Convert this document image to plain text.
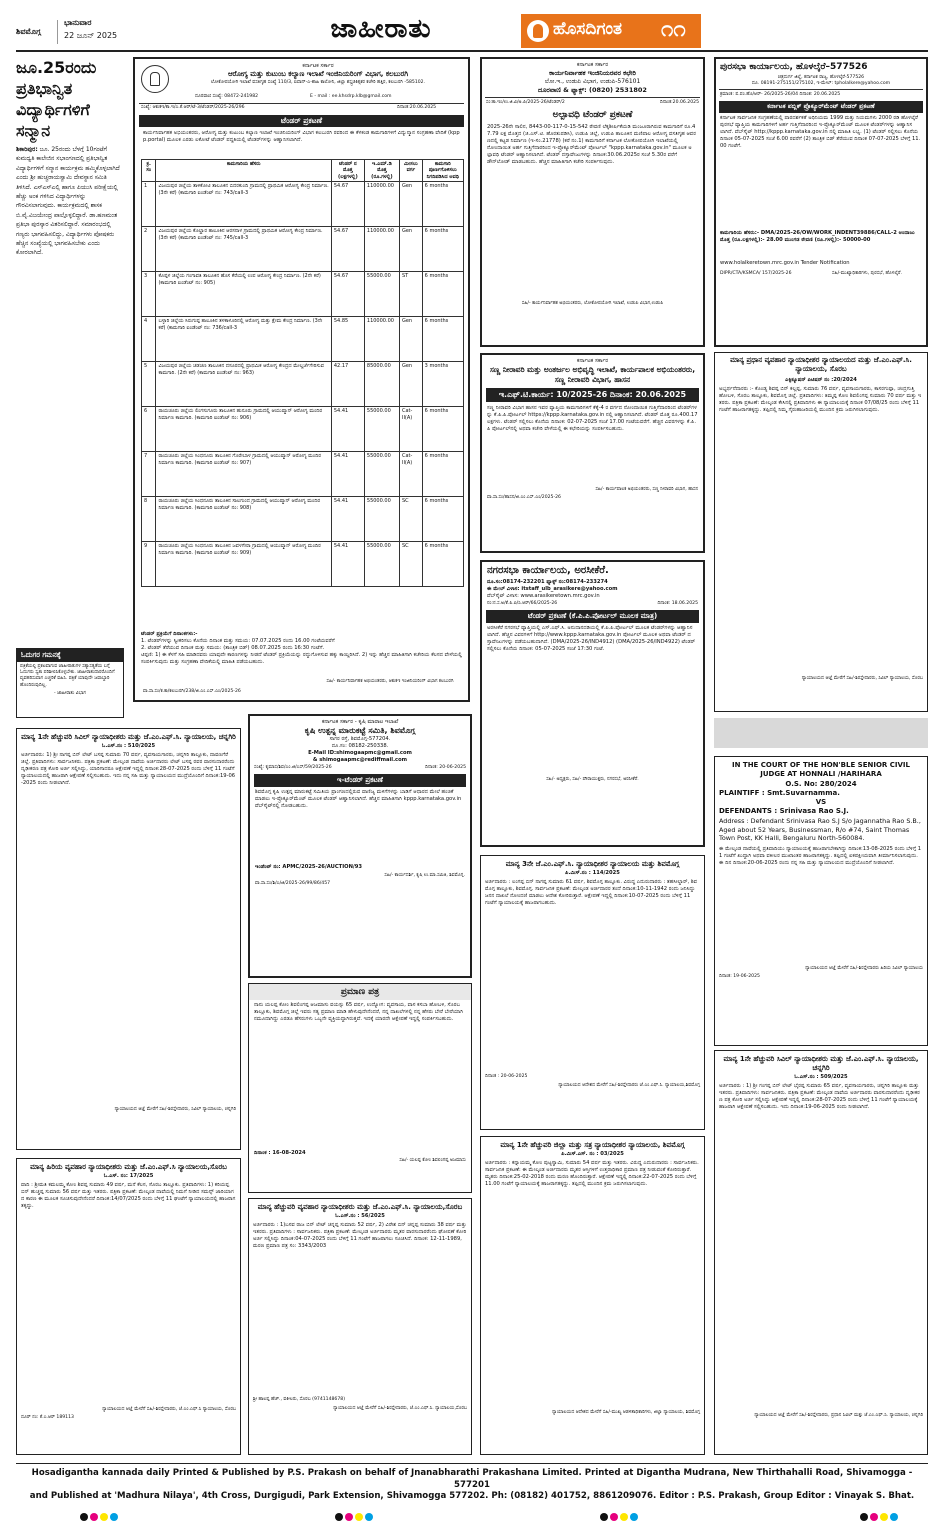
ಶಿವಮೊಗ್ಗ
ಭಾನುವಾರ
22 ಜೂನ್ 2025	ಜಾಹೀರಾತು	ಹೊಸದಿಗಂತ ೧೧
ಜೂ.25ರಂದು ಪ್ರತಿಭಾನ್ವಿತ ವಿದ್ಯಾರ್ಥಿಗಳಿಗೆ ಸನ್ಮಾನ
ಶಿಕಾರಿಪುರ: ಜೂ. 25ರಂದು ಬೆಳಗ್ಗೆ 10ಗಂಟೆಗೆ ಕುಮದ್ವತಿ ಕಾಲೇಜಿನ ಸಭಾಂಗಣದಲ್ಲಿ ಪ್ರತಿಭಾನ್ವಿತ ವಿದ್ಯಾರ್ಥಿಗಳಿಗೆ ಸನ್ಮಾನ ಕಾರ್ಯಕ್ರಮ ಹಮ್ಮಿಕೊಳ್ಳಲಾಗಿದೆ ಎಂದು ಶ್ರೀ ಹುಚ್ಚರಾಯಸ್ವಾಮಿ ದೇವಸ್ಥಾನ ಸಮಿತಿ ತಿಳಿಸಿದೆ. ಎಸ್ಎಸ್ಎಲ್ಸಿ ಹಾಗೂ ಪಿಯುಸಿ ಪರೀಕ್ಷೆಯಲ್ಲಿ ಹೆಚ್ಚು ಅಂಕ ಗಳಿಸಿದ ವಿದ್ಯಾರ್ಥಿಗಳನ್ನು ಗೌರವಿಸಲಾಗುವುದು. ಕಾರ್ಯಕ್ರಮದಲ್ಲಿ ಶಾಸಕ ಬಿ.ವೈ.ವಿಜಯೇಂದ್ರ ಪಾಲ್ಗೊಳ್ಳಲಿದ್ದಾರೆ. ಡಾ.ಹಣಮಂತ ಪ್ರತಿಭಾ ಪುರಸ್ಕಾರ ವಿತರಿಸಲಿದ್ದಾರೆ. ಸಮಾರಂಭದಲ್ಲಿ ಗಣ್ಯರು ಭಾಗವಹಿಸಲಿದ್ದು, ವಿದ್ಯಾರ್ಥಿಗಳು ಪೋಷಕರು ಹೆಚ್ಚಿನ ಸಂಖ್ಯೆಯಲ್ಲಿ ಭಾಗವಹಿಸಬೇಕು ಎಂದು ಕೋರಲಾಗಿದೆ.
ಓದುಗರ ಗಮನಕ್ಕೆ
ಪತ್ರಿಕೆಯಲ್ಲಿ ಪ್ರಕಟವಾಗುವ ಜಾಹೀರಾತುಗಳ ಸತ್ಯಾಸತ್ಯತೆಯ ಬಗ್ಗೆ ಓದುಗರು ಸ್ವತಃ ಪರಿಶೀಲಿಸಿಕೊಳ್ಳಬೇಕು. ಜಾಹೀರಾತುದಾರರೊಂದಿಗೆ ವ್ಯವಹರಿಸುವಾಗ ಎಚ್ಚರಿಕೆ ವಹಿಸಿ. ಪತ್ರಿಕೆ ಯಾವುದೇ ಜವಾಬ್ದಾರಿ ಹೊಂದಿರುವುದಿಲ್ಲ.
- ಜಾಹೀರಾತು ವಿಭಾಗ
ಕರ್ನಾಟಕ ಸರ್ಕಾರ
ಆರೋಗ್ಯ ಮತ್ತು ಕುಟುಂಬ ಕಲ್ಯಾಣ ಇಲಾಖೆ ಇಂಜಿನಿಯರಿಂಗ್ ವಿಭಾಗ, ಕಲಬುರಗಿ
ಲೋಕೋಪಯೋಗಿ ಇಲಾಖೆ ವಸತಿಗೃಹ ಸಂಖ್ಯೆ 110/3, ಐವಾನ್-ಎ-ಶಾಹಿ ಕಾಲೋನಿ, ಜಿಲ್ಲಾ ಶಸ್ತ್ರಚಿಕಿತ್ಸಕರ ಕಚೇರಿ ಹತ್ತಿರ, ಕಲಬುರಗಿ -585102.
ದೂರವಾಣಿ ಸಂಖ್ಯೆ: 08472-241982	E - mail : ee.khsdrp.klb@gmail.com
ಸಂಖ್ಯೆ: ಆಕುಕಇ/ಕಾ.ಇ/ಎ.ಕೆ.ಆರ್/ಟೆ-3/ಟೆಂಡರ್/2025-26/296	ದಿನಾಂಕ:20.06.2025
ಟೆಂಡರ್ ಪ್ರಕಟಣೆ
ಕಾರ್ಯನಿರ್ವಾಹಕ ಅಭಿಯಂತರರು, ಆರೋಗ್ಯ ಮತ್ತು ಕುಟುಂಬ ಕಲ್ಯಾಣ ಇಲಾಖೆ ಇಂಜಿನಿಯರಿಂಗ್ ವಿಭಾಗ ಕಲಬುರಗಿ ರವರಿಂದ ಈ ಕೆಳಕಂಡ ಕಾಮಗಾರಿಗಳಿಗೆ ವಿದ್ಯುನ್ಮಾನ ಸಂಗ್ರಹಣಾ ವೇದಿಕೆ (kppp.portal) ಮೂಲಕ ಎರಡು ಲಕೋಟೆ ಟೆಂಡರ್ ಪದ್ಧತಿಯಲ್ಲಿ ಟೆಂಡರ್‌ಗಳನ್ನು ಆಹ್ವಾನಿಸಲಾಗಿದೆ.
ಕ್ರ. ಸಂ	ಕಾಮಗಾರಿಯ ಹೆಸರು	ಟೆಂಡರ್ ನ ಮೊತ್ತ (ಲಕ್ಷಗಳಲ್ಲಿ)	ಇ.ಎಮ್.ಡಿ ಮೊತ್ತ (ರೂ.ಗಳಲ್ಲಿ)	ಮೀಸಲು ವರ್ಗ	ಕಾಮಗಾರಿ ಪೂರ್ಣಗೊಳಿಸಲು ನಿಗದಿಪಡಿಸಿದ ಅವಧಿ
1	ವಿಜಯಪುರ ಜಿಲ್ಲೆಯ ತಾಳಿಕೋಟಿ ತಾಲೂಕಿನ ಬಿದರಕುಂದಿ ಗ್ರಾಮದಲ್ಲಿ ಪ್ರಾಥಮಿಕ ಆರೋಗ್ಯ ಕೇಂದ್ರ ನಿರ್ಮಾಣ. (3ನೇ ಕರೆ) (ಕಾಮಗಾರಿ ಐಂಡೆಂಟ್ ನಂ: 743/call-3	54.67	110000.00	Gen	6 months
2	ವಿಜಯಪುರ ಜಿಲ್ಲೆಯ ಕೊಲ್ಹಾರ ತಾಲೂಕಿನ ಆರಸನಾಳ ಗ್ರಾಮದಲ್ಲಿ ಪ್ರಾಥಮಿಕ ಆರೋಗ್ಯ ಕೇಂದ್ರ ನಿರ್ಮಾಣ. (3ನೇ ಕರೆ) (ಕಾಮಗಾರಿ ಐಂಡೆಂಟ್ ನಂ: 745/call-3	54.67	110000.00	Gen	6 months
3	ಕೊಪ್ಪಳ ಜಿಲ್ಲೆಯ ಗಂಗಾವತಿ ತಾಲೂಕಿನ ಹೊಸ ಕೆರೆಯಲ್ಲಿ ಉಪ ಆರೋಗ್ಯ ಕೇಂದ್ರ ನಿರ್ಮಾಣ. (2ನೇ ಕರೆ) (ಕಾಮಗಾರಿ ಐಂಡೆಂಟ್ ನಂ: 905)	54.67	55000.00	ST	6 months
4	ಬಳ್ಳಾರಿ ಜಿಲ್ಲೆಯ ಸಿರುಗುಪ್ಪ ತಾಲೂಕಿನ ತಳಕಾಳೂರಿನಲ್ಲಿ ಆರೋಗ್ಯ ಮತ್ತು ಕ್ಷೇಮ ಕೇಂದ್ರ ನಿರ್ಮಾಣ. (3ನೇ ಕರೆ) (ಕಾಮಗಾರಿ ಐಂಡೆಂಟ್ ನಂ: 736/call-3	54.85	110000.00	Gen	6 months
5	ವಿಜಯಪುರ ಜಿಲ್ಲೆಯ ಚಡಚಣ ತಾಲೂಕಿನ ದಸೂರದಲ್ಲಿ ಪ್ರಾಥಮಿಕ ಆರೋಗ್ಯ ಕೇಂದ್ರದ ಮೇಲ್ದರ್ಜೆಗೇರಿಸುವ ಕಾಮಗಾರಿ. (2ನೇ ಕರೆ) (ಕಾಮಗಾರಿ ಐಂಡೆಂಟ್ ನಂ: 963)	42.17	85000.00	Gen	3 months
6	ರಾಯಚೂರು ಜಿಲ್ಲೆಯ ಲಿಂಗಸುಗೂರು ತಾಲೂಕಿನ ಹುನೂರು ಗ್ರಾಮದಲ್ಲಿ ಆಯುಷ್ಮಾನ್ ಆರೋಗ್ಯ ಮಂದಿರ ನಿರ್ಮಾಣ ಕಾಮಗಾರಿ. (ಕಾಮಗಾರಿ ಐಂಡೆಂಟ್ ನಂ: 906)	54.41	55000.00	Cat-II(A)	6 months
7	ರಾಯಚೂರು ಜಿಲ್ಲೆಯ ಸಿಂಧನೂರು ತಾಲೂಕಿನ ಗೊರೇಬಾಳ ಗ್ರಾಮದಲ್ಲಿ ಆಯುಷ್ಮಾನ್ ಆರೋಗ್ಯ ಮಂದಿರ ನಿರ್ಮಾಣ ಕಾಮಗಾರಿ. (ಕಾಮಗಾರಿ ಐಂಡೆಂಟ್ ನಂ: 907)	54.41	55000.00	Cat-II(A)	6 months
8	ರಾಯಚೂರು ಜಿಲ್ಲೆಯ ಸಿಂಧನೂರು ತಾಲೂಕಿನ ಸಾಲಗುಂದ ಗ್ರಾಮದಲ್ಲಿ ಆಯುಷ್ಮಾನ್ ಆರೋಗ್ಯ ಮಂದಿರ ನಿರ್ಮಾಣ ಕಾಮಗಾರಿ. (ಕಾಮಗಾರಿ ಐಂಡೆಂಟ್ ನಂ: 908)	54.41	55000.00	SC	6 months
9	ರಾಯಚೂರು ಜಿಲ್ಲೆಯ ಸಿಂಧನೂರು ತಾಲೂಕಿನ ಜವಳಗೇರಾ ಗ್ರಾಮದಲ್ಲಿ ಆಯುಷ್ಮಾನ್ ಆರೋಗ್ಯ ಮಂದಿರ ನಿರ್ಮಾಣ ಕಾಮಗಾರಿ. (ಕಾಮಗಾರಿ ಐಂಡೆಂಟ್ ನಂ: 909)	54.41	55000.00	SC	6 months
ಟೆಂಡರ್ ಪ್ರಕ್ರಿಯೆಗೆ ದಿನಾಂಕಗಳು:-
1. ಟೆಂಡರ್‌ಗಳನ್ನು ಸ್ವೀಕರಿಸಲು ಕೊನೆಯ ದಿನಾಂಕ ಮತ್ತು ಸಮಯ: 07.07.2025 ರಂದು 16.00 ಗಂಟೆಯವರೆಗೆ
2. ಟೆಂಡರ್ ತೆರೆಯುವ ದಿನಾಂಕ ಮತ್ತು ಸಮಯ: (ತಾಂತ್ರಿಕ ಬಿಡ್) 08.07.2025 ರಂದು 16:30 ಗಂಟೆಗೆ.
ಟಿಪ್ಪಣಿ: 1) ಈ ಕೆಳಗೆ ಸಹಿ ಮಾಡಿದವರು ಯಾವುದೇ ಕಾರಣಗಳನ್ನು ನೀಡದೆ ಟೆಂಡರ್ ಪ್ರಕ್ರಿಯೆಯನ್ನು ರದ್ದುಗೊಳಿಸುವ ಹಕ್ಕು ಕಾಯ್ದಿರಿಸಿದೆ. 2) ಇನ್ನು ಹೆಚ್ಚಿನ ಮಾಹಿತಿಗಾಗಿ ಕಚೇರಿಯ ಕೆಲಸದ ವೇಳೆಯಲ್ಲಿ ಸಂಪರ್ಕಿಸುವುದು ಮತ್ತು ಸಂಗ್ರಹಣಾ ವೇದಿಕೆಯಲ್ಲಿ ಮಾಹಿತಿ ಪಡೆಯಬಹುದು.
ಸಹಿ/- ಕಾರ್ಯನಿರ್ವಾಹಕ ಅಭಿಯಂತರರು, ಆಕುಕಇ ಇಂಜಿನಿಯರಿಂಗ್ ವಿಭಾಗ ಕಲಬುರಗಿ
ವಾ.ಸಾ.ಸಂ/ಕ.ಕಾ/ಕಲಬುರಗಿ/238/ಜಿ.ಎಂ.ಎಸ್.ಎಂ/2025-26
ಕರ್ನಾಟಕ ಸರ್ಕಾರ
ಕಾರ್ಯನಿರ್ವಾಹಕ ಇಂಜಿನಿಯರವರ ಕಛೇರಿ
ಲೋ.ಇ., ಉಡುಪಿ ವಿಭಾಗ, ಉಡುಪಿ-576101
ದೂರವಾಣಿ & ಫ್ಯಾಕ್ಸ್: (0820) 2531802
ಸಂ:ಕಾ.ಇಂ/ಉ.ಜಿ.ವಿ/ಅ.ಪಿ/2025-26/ಟೆಂಡರ್/2	ದಿನಾಂಕ:20.06.2025
ಅಲ್ಪಾವಧಿ ಟೆಂಡರ್ ಪ್ರಕಟಣೆ
2025-26ನೇ ಸಾಲಿನ, 8443-00-117-0-15-542 ಠೇವಣಿ ಲೆಕ್ಕಶೀರ್ಷಿಕೆಯಡಿ ಮಂಜೂರಾಗಿರುವ ಕಾಮಗಾರಿಗೆ ರೂ.47.79 ಲಕ್ಷ ಮೊತ್ತದ (ಜಿ.ಎಸ್.ಟಿ. ಹೊರತುಪಡಿಸಿ), ಉಡುಪಿ ಜಿಲ್ಲೆ, ಉಡುಪಿ ತಾಲೂಕಿನ ಮಣಿಪಾಲ ಆರೋಗ್ಯ ವಸತಿಗೃಹ ಆವರಣದಲ್ಲಿ ಕಟ್ಟಡ ನಿರ್ಮಾಣ (ಇ-ಸಂ.21778) (ಕರೆ ನಂ.1) ಕಾಮಗಾರಿಗೆ ಕರ್ನಾಟಕ ಲೋಕೋಪಯೋಗಿ ಇಲಾಖೆಯಲ್ಲಿ ನೋಂದಾಯಿತ ಅರ್ಹ ಗುತ್ತಿಗೆದಾರರಿಂದ ಇ-ಪ್ರೊಕ್ಯೂರ್‌ಮೆಂಟ್ ಪೋರ್ಟಲ್ "kppp.karnataka.gov.in" ಮೂಲಕ ಅಲ್ಪಾವಧಿ ಟೆಂಡರ್ ಆಹ್ವಾನಿಸಲಾಗಿದೆ. ಟೆಂಡರ್ ದಸ್ತಾವೇಜುಗಳನ್ನು ದಿನಾಂಕ:30.06.2025ರ ಸಂಜೆ 5.30ರ ವರೆಗೆ ಡೌನ್‌ಲೋಡ್ ಮಾಡಬಹುದು. ಹೆಚ್ಚಿನ ಮಾಹಿತಿಗಾಗಿ ಕಚೇರಿ ಸಂಪರ್ಕಿಸುವುದು.
ಸಹಿ/- ಕಾರ್ಯನಿರ್ವಾಹಕ ಅಭಿಯಂತರರು, ಲೋಕೋಪಯೋಗಿ ಇಲಾಖೆ, ಉಡುಪಿ ವಿಭಾಗ,ಉಡುಪಿ
ಕರ್ನಾಟಕ ಸರ್ಕಾರ
ಸಣ್ಣ ನೀರಾವರಿ ಮತ್ತು ಅಂತರ್ಜಲ ಅಭಿವೃದ್ಧಿ ಇಲಾಖೆ, ಕಾರ್ಯಪಾಲಕ ಅಭಿಯಂತರರು, ಸಣ್ಣ ನೀರಾವರಿ ವಿಭಾಗ, ಹಾಸನ
ಇ.ಎಫ್.ಟಿ.ಕಾರ್ಯ: 10/2025-26 ದಿನಾಂಕ: 20.06.2025
ಸಣ್ಣ ನೀರಾವರಿ ವಿಭಾಗ ಹಾಸನ ಇವರ ವ್ಯಾಪ್ತಿಯ ಕಾಮಗಾರಿಗಳಿಗೆ ಕೆಕ್ಕೆ-4 ರ ವರ್ಗದ ನೋಂದಾಯಿತ ಗುತ್ತಿಗೆದಾರರಿಂದ ಟೆಂಡರ್‌ಗಳನ್ನು ಕೆ.ಪಿ.ಪಿ.ಪೋರ್ಟಲ್ https://kppp.karnataka.gov.in ನಲ್ಲಿ ಆಹ್ವಾನಿಸಲಾಗಿದೆ. ಟೆಂಡರ್ ಮೊತ್ತ ರೂ.400.17 ಲಕ್ಷಗಳು. ಟೆಂಡರ್ ಸಲ್ಲಿಸಲು ಕೊನೆಯ ದಿನಾಂಕ: 02-07-2025 ಸಂಜೆ 17.00 ಗಂಟೆಯವರೆಗೆ. ಹೆಚ್ಚಿನ ವಿವರಗಳನ್ನು ಕೆ.ಪಿ.ಪಿ ಪೋರ್ಟಲ್‌ನಲ್ಲಿ ಅಥವಾ ಕಚೇರಿ ವೇಳೆಯಲ್ಲಿ ಈ ಕಛೇರಿಯನ್ನು ಸಂಪರ್ಕಿಸಬಹುದು.
ಸಹಿ/- ಕಾರ್ಯಪಾಲಕ ಅಭಿಯಂತರರು, ಸಣ್ಣ ನೀರಾವರಿ ವಿಭಾಗ, ಹಾಸನ
ವಾ.ಸಾ.ಸಂ/ಹಾಸನ/ಜಿ.ಎಂ.ಎಸ್.ಎಂ/2025-26
ನಗರಸಭಾ ಕಾರ್ಯಾಲಯ, ಅರಸೀಕೆರೆ.
ದೂ.ಸಂ:08174-232201 ಫ್ಯಾಕ್ಸ್ ನಂ:08174-233274
ಈ ಮೇಲ್ ವಿಳಾಸ: itstaff_ulb_arasikere@yahoo.com
ವೆಬ್‌ಸೈಟ್ ವಿಳಾಸ: www.arasikeretown.mrc.gov.in
ನಂ:ನ.ಸ.ಅ/ಕೆ.ಪಿ.ಪಿ/ಸಿ.ಆರ್/66/2025-26	ದಿನಾಂಕ: 18.06.2025
ಟೆಂಡರ್ ಪ್ರಕಟಣೆ (ಕೆ.ಪಿ.ಪಿ.ಪೋರ್ಟಲ್ ಮೂಲಕ ಮಾತ್ರ)
ಅರಸೀಕೆರೆ ನಗರಸಭೆ ವ್ಯಾಪ್ತಿಯಲ್ಲಿ ಎಸ್.ಎಫ್.ಸಿ. ಅನುದಾನದಡಿಯಲ್ಲಿ ಕೆ.ಪಿ.ಪಿ.ಪೋರ್ಟಲ್ ಮೂಲಕ ಟೆಂಡರ್‌ಗಳನ್ನು ಆಹ್ವಾನಿಸಲಾಗಿದೆ. ಹೆಚ್ಚಿನ ವಿವರಗಳಿಗೆ http://www.kppp.karnataka.gov.in ಪೋರ್ಟಲ್ ಮೂಲಕ ಅಥವಾ ಟೆಂಡರ್ ದಸ್ತಾವೇಜುಗಳನ್ನು ಪಡೆಯಬಹುದಾಗಿದೆ. (DMA/2025-26/IND4912) (DMA/2025-26/IND4922) ಟೆಂಡರ್ ಸಲ್ಲಿಸಲು ಕೊನೆಯ ದಿನಾಂಕ: 05-07-2025 ಸಂಜೆ 17:30 ಗಂಟೆ.
ಸಹಿ/- ಅಧ್ಯಕ್ಷರು, ಸಹಿ/- ಪೌರಾಯುಕ್ತರು, ನಗರಸಭೆ, ಅರಸೀಕೆರೆ.
ಪುರಸಭಾ ಕಾರ್ಯಾಲಯ, ಹೊಳಲ್ಕೆರೆ–577526
ಚಿತ್ರದುರ್ಗ ಜಿಲ್ಲೆ, ಕರ್ನಾಟಕ ರಾಜ್ಯ, ಹೊಳಲ್ಕೆರೆ-577526
ದೂ. 08191-275151/275102, ಇ-ಮೇಲ್: tpholalkere@yahoo.com
ಕ್ರಮಾಂಕ: ಪ.ಪಂ.ಹೊ/ಆರ್- 26/2025-26/04 ದಿನಾಂಕ: 20.06.2025
ಕರ್ನಾಟಕ ಪಬ್ಲಿಕ್ ಪ್ರೊಕ್ಯೂರ್‌ಮೆಂಟ್ ಟೆಂಡರ್ ಪ್ರಕಟಣೆ
ಕರ್ನಾಟಕ ಸಾರ್ವಜನಿಕ ಸಂಗ್ರಹಣೆಯಲ್ಲಿ ಪಾರದರ್ಶಕತೆ ಅಧಿನಿಯಮ 1999 ಮತ್ತು ನಿಯಮಗಳು 2000 ರಡಿ ಹೊಳಲ್ಕೆರೆ ಪುರಸಭೆ ವ್ಯಾಪ್ತಿಯ ಕಾಮಗಾರಿಗಳಿಗೆ ಅರ್ಹ ಗುತ್ತಿಗೆದಾರರಿಂದ ಇ-ಪ್ರೊಕ್ಯೂರ್‌ಮೆಂಟ್ ಮೂಲಕ ಟೆಂಡರ್‌ಗಳನ್ನು ಆಹ್ವಾನಿಸಲಾಗಿದೆ. ವೆಬ್‌ಸೈಟ್ http://kppp.karnataka.gov.in ನಲ್ಲಿ ಮಾಹಿತಿ ಲಭ್ಯ. (1) ಟೆಂಡರ್ ಸಲ್ಲಿಸಲು ಕೊನೆಯ ದಿನಾಂಕ 05-07-2025 ಸಂಜೆ 6.00 ರವರೆಗೆ (2) ತಾಂತ್ರಿಕ ಬಿಡ್ ತೆರೆಯುವ ದಿನಾಂಕ 07-07-2025 ಬೆಳಿಗ್ಗೆ 11.00 ಗಂಟೆಗೆ.
ಕಾಮಗಾರಿಯ ಹೆಸರು:- DMA/2025-26/OW/WORK_INDENT39886/CALL-2 ಅಂದಾಜು ಮೊತ್ತ (ರೂ.ಲಕ್ಷಗಳಲ್ಲಿ):- 28.00 ಮುಂಗಡ ಠೇವಣಿ (ರೂ.ಗಳಲ್ಲಿ):- 50000-00
www.holalkeretown.mrc.gov.in Tender Notification
DIPR/CTA/KSMCA/ 157/2025-26	ಸಹಿ/-ಮುಖ್ಯಾಧಿಕಾರಿಗಳು, ಪುರಸಭೆ, ಹೊಳಲ್ಕೆರೆ.
ಮಾನ್ಯ ಪ್ರಧಾನ ವ್ಯವಹಾರ ನ್ಯಾಯಾಧೀಶರ ನ್ಯಾಯಾಲಯದ ಮತ್ತು ಜೆ.ಎಂ.ಎಫ್.ಸಿ. ನ್ಯಾಯಾಲಯ, ಸೊರಬ
ಎಕ್ಸಿಕ್ಯೂಷನ್ ಪಿಟಿಷನ್ ನಂ :20/2024
ಅಭ್ಯರ್ಥನೆದಾರರು :- ಕೊಂಡ್ಯ ಶಿವಪ್ಪ ಬಿನ್ ಕಲ್ಲಪ್ಪ, ಸುಮಾರು 76 ವರ್ಷ, ವ್ಯವಸಾಯಗಾರರು, ಕಾಸರಗುಪ್ಪಾ, ಚಂದ್ರಗುತ್ತಿ ಹೋಬಳಿ, ಸೊರಬ ತಾಲ್ಲೂಕು, ಶಿವಮೊಗ್ಗ ಜಿಲ್ಲೆ. ಪ್ರತಿವಾದಿಗಳು: ತಿಮ್ಮಪ್ಪ ಕೋಂ ಶಿವಲಿಂಗಪ್ಪ ಸುಮಾರು 70 ವರ್ಷ ಮತ್ತು ಇತರರು. ಪತ್ರಿಕಾ ಪ್ರಕಟಣೆ: ಮೇಲ್ಕಂಡ ಕೇಸಿನಲ್ಲಿ ಪ್ರತಿವಾದಿಗಳು ಈ ನ್ಯಾಯಾಲಯಕ್ಕೆ ದಿನಾಂಕ 07/08/25 ರಂದು ಬೆಳಿಗ್ಗೆ 11 ಗಂಟೆಗೆ ಹಾಜರಾಗತಕ್ಕದ್ದು. ತಪ್ಪಿದಲ್ಲಿ ನಿಮ್ಮ ಗೈರುಹಾಜರಿಯಲ್ಲಿ ಮುಂದಿನ ಕ್ರಮ ಜರುಗಿಸಲಾಗುವುದು.
ನ್ಯಾಯಾಲಯದ ಆಜ್ಞೆ ಮೇರೆಗೆ ಸಹಿ/-ಶಿರಸ್ತೇದಾರರು, ಸಿವಿಲ್ ನ್ಯಾಯಾಲಯ, ಸೊರಬ
IN THE COURT OF THE HON'BLE SENIOR CIVIL JUDGE AT HONNALI /HARIHARA
O.S. No: 280/2024
PLAINTIFF : Smt.Suvarnamma.
VS
DEFENDANTS : Srinivasa Rao S.J.
Address : Defendant Srinivasa Rao S.J S/o Jagannatha Rao S.B., Aged about 52 Years, Businessman, R/o #74, Saint Thomas Town Post, KK Halli, Bengaluru North-560084.
ಈ ಮೇಲ್ಕಂಡ ದಾವೆಯಲ್ಲಿ ಪ್ರತಿವಾದಿಯು ನ್ಯಾಯಾಲಯಕ್ಕೆ ಹಾಜರಾಗಬೇಕಾಗಿದ್ದು ದಿನಾಂಕ:13-08-2025 ರಂದು ಬೆಳಿಗ್ಗೆ 11 ಗಂಟೆಗೆ ಖುದ್ದಾಗಿ ಅಥವಾ ವಕೀಲರ ಮುಖಾಂತರ ಹಾಜರಾಗತಕ್ಕದ್ದು. ತಪ್ಪಿದಲ್ಲಿ ಏಕಪಕ್ಷೀಯವಾಗಿ ತೀರ್ಮಾನಿಸಲಾಗುವುದು. ಈ ದಿನ ದಿನಾಂಕ:20-06-2025 ರಂದು ನನ್ನ ಸಹಿ ಮತ್ತು ನ್ಯಾಯಾಲಯದ ಮುದ್ರೆಯೊಂದಿಗೆ ನೀಡಲಾಗಿದೆ.
ನ್ಯಾಯಾಲಯದ ಆಜ್ಞೆ ಮೇರೆಗೆ ಸಹಿ/-ಶಿರಸ್ತೇದಾರರು ಹಿರಿಯ ಸಿವಿಲ್ ನ್ಯಾಯಾಲಯ
ದಿನಾಂಕ: 19-06-2025
ಮಾನ್ಯ 1ನೇ ಹೆಚ್ಚುವರಿ ಸಿವಿಲ್ ನ್ಯಾಯಾಧೀಶರು ಮತ್ತು ಜೆ.ಎಂ.ಎಫ್.ಸಿ. ನ್ಯಾಯಾಲಯ, ಚನ್ನಗಿರಿ
ಓ.ಎಸ್.ನಂ : 509/2025
ಅರ್ಜಿದಾರರು : 1) ಶ್ರೀ ಗಂಗಪ್ಪ ಬಿನ್ ಲೇಟ್ ಭೈರಪ್ಪ ಸುಮಾರು 65 ವರ್ಷ, ವ್ಯವಸಾಯಗಾರರು, ಚನ್ನಗಿರಿ ತಾಲ್ಲೂಕು ಮತ್ತು ಇತರರು. ಪ್ರತಿವಾದಿಗಳು: ಸಾರ್ವಜನಿಕರು. ಪತ್ರಿಕಾ ಪ್ರಕಟಣೆ: ಮೇಲ್ಕಂಡ ದಾವೆಯ ಅರ್ಜಿದಾರರು ವಾರಸುದಾರರೆಂದು ದೃಢೀಕರಣ ಪತ್ರ ಕೋರಿ ಅರ್ಜಿ ಸಲ್ಲಿಸಿದ್ದು ಆಕ್ಷೇಪಣೆ ಇದ್ದಲ್ಲಿ ದಿನಾಂಕ:28-07-2025 ರಂದು ಬೆಳಿಗ್ಗೆ 11 ಗಂಟೆಗೆ ನ್ಯಾಯಾಲಯಕ್ಕೆ ಹಾಜರಾಗಿ ಆಕ್ಷೇಪಣೆ ಸಲ್ಲಿಸಬಹುದು. ಇದು ದಿನಾಂಕ:19-06-2025 ರಂದು ನೀಡಲಾಗಿದೆ.
ನ್ಯಾಯಾಲಯದ ಆಜ್ಞೆ ಮೇರೆಗೆ ಸಹಿ/-ಶಿರಸ್ತೇದಾರರು, ಪ್ರಧಾನ ಸಿವಿಲ್ ಮತ್ತು ಜೆ.ಎಂ.ಎಫ್.ಸಿ. ನ್ಯಾಯಾಲಯ, ಚನ್ನಗಿರಿ
ಮಾನ್ಯ 1ನೇ ಹೆಚ್ಚುವರಿ ಸಿವಿಲ್ ನ್ಯಾಯಾಧೀಶರು ಮತ್ತು ಜೆ.ಎಂ.ಎಫ್.ಸಿ. ನ್ಯಾಯಾಲಯ, ಚನ್ನಗಿರಿ
ಓ.ಎಸ್.ನಂ : 510/2025
ಅರ್ಜಿದಾರರು: 1) ಶ್ರೀ ನಾಗಪ್ಪ ಬಿನ್ ಲೇಟ್ ಬಸಪ್ಪ ಸುಮಾರು 70 ವರ್ಷ, ವ್ಯವಸಾಯಗಾರರು, ಚನ್ನಗಿರಿ ತಾಲ್ಲೂಕು, ದಾವಣಗೆರೆ ಜಿಲ್ಲೆ. ಪ್ರತಿವಾದಿಗಳು: ಸಾರ್ವಜನಿಕರು. ಪತ್ರಿಕಾ ಪ್ರಕಟಣೆ: ಮೇಲ್ಕಂಡ ದಾವೆಯ ಅರ್ಜಿದಾರರು ಲೇಟ್ ಬಸಪ್ಪ ರವರ ವಾರಸುದಾರರೆಂದು ದೃಢೀಕರಣ ಪತ್ರ ಕೋರಿ ಅರ್ಜಿ ಸಲ್ಲಿಸಿದ್ದು, ಯಾರಿಗಾದರೂ ಆಕ್ಷೇಪಣೆ ಇದ್ದಲ್ಲಿ ದಿನಾಂಕ:28-07-2025 ರಂದು ಬೆಳಿಗ್ಗೆ 11 ಗಂಟೆಗೆ ನ್ಯಾಯಾಲಯದಲ್ಲಿ ಹಾಜರಾಗಿ ಆಕ್ಷೇಪಣೆ ಸಲ್ಲಿಸಬಹುದು. ಇದು ನನ್ನ ಸಹಿ ಮತ್ತು ನ್ಯಾಯಾಲಯದ ಮುದ್ರೆಯೊಂದಿಗೆ ದಿನಾಂಕ:19-06-2025 ರಂದು ನೀಡಲಾಗಿದೆ.
ನ್ಯಾಯಾಲಯದ ಆಜ್ಞೆ ಮೇರೆಗೆ ಸಹಿ/-ಶಿರಸ್ತೇದಾರರು, ಸಿವಿಲ್ ನ್ಯಾಯಾಲಯ, ಚನ್ನಗಿರಿ
ಮಾನ್ಯ ಹಿರಿಯ ವ್ಯವಹಾರ ನ್ಯಾಯಾಧೀಶರು ಮತ್ತು ಜೆ.ಎಂ.ಎಫ್.ಸಿ ನ್ಯಾಯಾಲಯ,ಸೊರಬ
ಓ.ಎಸ್. ನಂ: 17/2025
ವಾದಿ : ಶ್ರೀಮತಿ ಕಮಲಮ್ಮ ಕೋಂ ಶಿವಪ್ಪ ಸುಮಾರು 49 ವರ್ಷ, ಮನೆ ಕೆಲಸ, ಸೊರಬ ತಾಲ್ಲೂಕು. ಪ್ರತಿವಾದಿಗಳು: 1) ಕರಿಯಪ್ಪ ಬಿನ್ ಹುಚ್ಚಪ್ಪ ಸುಮಾರು 56 ವರ್ಷ ಮತ್ತು ಇತರರು. ಪತ್ರಿಕಾ ಪ್ರಕಟಣೆ: ಮೇಲ್ಕಂಡ ದಾವೆಯಲ್ಲಿ ನಿಮಗೆ ನೀಡಿದ ಸಮನ್ಸ್ ಜಾರಿಯಾಗದ ಕಾರಣ ಈ ಮೂಲಕ ಸೂಚಿಸುವುದೇನೆಂದರೆ ದಿನಾಂಕ:14/07/2025 ರಂದು ಬೆಳಿಗ್ಗೆ 11 ಘಂಟೆಗೆ ನ್ಯಾಯಾಲಯದಲ್ಲಿ ಹಾಜರಾಗತಕ್ಕದ್ದು.
ನ್ಯಾಯಾಲಯದ ಆಜ್ಞೆ ಮೇರೆಗೆ ಸಹಿ/-ಶಿರಸ್ತೇದಾರರು, ಜೆ.ಎಂ.ಎಫ್.ಸಿ ನ್ಯಾಯಾಲಯ, ಸೊರಬ
ದೂರ್ ನಂ: ಕೆ.ಎ.ಆರ್ 189113
ಕರ್ನಾಟಕ ಸರ್ಕಾರ - ಕೃಷಿ ಮಾರಾಟ ಇಲಾಖೆ
ಕೃಷಿ ಉತ್ಪನ್ನ ಮಾರುಕಟ್ಟೆ ಸಮಿತಿ, ಶಿವಮೊಗ್ಗ
ಸಾಗರ ರಸ್ತೆ, ಶಿವಮೊಗ್ಗ-577204.
ದೂ.ಸಂ: 08182-250338.
E-Mail ID:shimogaapmc@gmail.com
& shimogaapmc@rediffmail.com
ಸಂಖ್ಯೆ: ಕೃಮಾಸ/ಶಿವ/ಎಂ.ಜಿ/ಎಸ್/59/2025-26	ದಿನಾಂಕ: 20-06-2025
ಇ-ಟೆಂಡರ್ ಪ್ರಕಟಣೆ
ಶಿವಮೊಗ್ಗ ಕೃಷಿ ಉತ್ಪನ್ನ ಮಾರುಕಟ್ಟೆ ಸಮಿತಿಯ ಪ್ರಾಂಗಣದಲ್ಲಿರುವ ವಾಣಿಜ್ಯ ಮಳಿಗೆಗಳನ್ನು ಬಾಡಿಗೆ ಆಧಾರದ ಮೇಲೆ ಹಂಚಿಕೆ ಮಾಡಲು ಇ-ಪ್ರೊಕ್ಯೂರ್‌ಮೆಂಟ್ ಮೂಲಕ ಟೆಂಡರ್ ಆಹ್ವಾನಿಸಲಾಗಿದೆ. ಹೆಚ್ಚಿನ ಮಾಹಿತಿಗಾಗಿ kppp.karnataka.gov.in ವೆಬ್‌ಸೈಟ್‌ನಲ್ಲಿ ನೋಡಬಹುದು.
ಇಂಡೆಂಟ್ ನಂ: APMC/2025-26/AUCTION/93
ಸಹಿ/- ಕಾರ್ಯದರ್ಶಿ, ಕೃಷಿ ಉ.ಮಾ.ಸಮಿತಿ, ಶಿವಮೊಗ್ಗ.
ವಾ.ಸಾ.ಸಂ/ಶಿ/ಎ/ಜಿ/2025-26/99/86/457
ಪ್ರಮಾಣ ಪತ್ರ
ನಾನು ಯಲಪ್ಪ ಕೋಂ ಶಿವಲಿಂಗಪ್ಪ ಆಜಮಾಸು ವಯಸ್ಸು 65 ವರ್ಷ, ಉದ್ಯೋಗ: ವ್ಯವಸಾಯ, ವಾಸ ಕಸಬಾ ಹೋಬಳಿ, ಸೊರಬ ತಾಲ್ಲೂಕು, ಶಿವಮೊಗ್ಗ ಜಿಲ್ಲೆ ಇವರು ಸತ್ಯ ಪ್ರಮಾಣ ಮಾಡಿ ಹೇಳುವುದೇನೆಂದರೆ, ನನ್ನ ದಾಖಲೆಗಳಲ್ಲಿ ನನ್ನ ಹೆಸರು ಬೇರೆ ಬೇರೆಯಾಗಿ ನಮೂದಾಗಿದ್ದು ಎರಡೂ ಹೆಸರುಗಳು ಒಬ್ಬನೇ ವ್ಯಕ್ತಿಯದ್ದಾಗಿರುತ್ತವೆ. ಇದಕ್ಕೆ ಯಾರದೇ ಆಕ್ಷೇಪಣೆ ಇದ್ದಲ್ಲಿ ಸಂಪರ್ಕಿಸಬಹುದು.
ದಿನಾಂಕ : 16-08-2024
ಸಹಿ/- ಯಲಪ್ಪ ಕೋಂ ಶಿವಲಿಂಗಪ್ಪ ಅಜಮಾಸು
ಮಾನ್ಯ ಹೆಚ್ಚುವರಿ ವ್ಯವಹಾರ ನ್ಯಾಯಾಧೀಶರು ಮತ್ತು ಜೆ.ಎಂ.ಎಫ್.ಸಿ. ನ್ಯಾಯಾಲಯ,ಸೊರಬ
ಓ.ಎಸ್.ನಂ : 56/2025
ಅರ್ಜಿದಾರರು : 1)ಬಸವ ರಾಜ ಬಿನ್ ಲೇಟ್ ಚನ್ನಪ್ಪ ಸುಮಾರು 52 ವರ್ಷ, 2) ವಿರೇಶ ಬಿನ್ ಚನ್ನಪ್ಪ ಸುಮಾರು 38 ವರ್ಷ ಮತ್ತು ಇತರರು. ಪ್ರತಿವಾದಿಗಳು : ಸಾರ್ವಜನಿಕರು. ಪತ್ರಿಕಾ ಪ್ರಕಟಣೆ: ಮೇಲ್ಕಂಡ ಅರ್ಜಿದಾರರು ಮೃತರ ವಾರಸುದಾರರೆಂದು ಘೋಷಣೆ ಕೋರಿ ಅರ್ಜಿ ಸಲ್ಲಿಸಿದ್ದು ದಿನಾಂಕ:04-07-2025 ರಂದು ಬೆಳಿಗ್ಗೆ 11 ಗಂಟೆಗೆ ಹಾಜರಾಗಲು ಸೂಚಿಸಿದೆ. ದಿನಾಂಕ: 12-11-1989, ಮರಣ ಪ್ರಮಾಣ ಪತ್ರ ಸಂ: 3343/2003
ಶ್ರೀ ಹಾಲಪ್ಪ ಹೆಚ್., ವಕೀಲರು, ಸೊರಬ (9741148678)
ನ್ಯಾಯಾಲಯದ ಆಜ್ಞೆ ಮೇರೆಗೆ ಸಹಿ/-ಶಿರಸ್ತೇದಾರರು, ಜೆ.ಎಂ.ಎಫ್.ಸಿ. ನ್ಯಾಯಾಲಯ,ಸೊರಬ
ಮಾನ್ಯ 3ನೇ ಜೆ.ಎಂ.ಎಫ್.ಸಿ. ನ್ಯಾಯಾಧೀಶರ ನ್ಯಾಯಾಲಯ ಮತ್ತು ಶಿವಮೊಗ್ಗ
ಪಿ.ಮಿಸ್.ನಂ : 114/2025
ಅರ್ಜಿದಾರರು : ಲಂಗಪ್ಪ ಬಿನ್ ನಾಗಪ್ಪ ಸುಮಾರು 61 ವರ್ಷ, ಶಿವಮೊಗ್ಗ ತಾಲ್ಲೂಕು. ವಿರುದ್ಧ ಎದುರುದಾರರು : ತಹಸೀಲ್ದಾರ್, ಶಿವಮೊಗ್ಗ ತಾಲ್ಲೂಕು, ಶಿವಮೊಗ್ಗ. ಸಾರ್ವಜನಿಕ ಪ್ರಕಟಣೆ: ಮೇಲ್ಕಂಡ ಅರ್ಜಿದಾರರ ತಂದೆ ದಿನಾಂಕ:10-11-1942 ರಂದು ಜನಿಸಿದ್ದು ಜನನ ದಾಖಲೆ ನೋಂದಣಿ ಮಾಡಲು ಆದೇಶ ಕೋರಿರುತ್ತಾರೆ. ಆಕ್ಷೇಪಣೆ ಇದ್ದಲ್ಲಿ ದಿನಾಂಕ:10-07-2025 ರಂದು ಬೆಳಿಗ್ಗೆ 11 ಗಂಟೆಗೆ ನ್ಯಾಯಾಲಯಕ್ಕೆ ಹಾಜರಾಗಬಹುದು.
ದಿನಾಂಕ : 20-06-2025
ನ್ಯಾಯಾಲಯದ ಆದೇಶದ ಮೇರೆಗೆ ಸಹಿ/-ಶಿರಸ್ತೇದಾರರು ಜೆ.ಎಂ.ಎಫ್.ಸಿ. ನ್ಯಾಯಾಲಯ,ಶಿವಮೊಗ್ಗ
ಮಾನ್ಯ 1ನೇ ಹೆಚ್ಚುವರಿ ಜಿಲ್ಲಾ ಮತ್ತು ಸತ್ರ ನ್ಯಾಯಾಧೀಶರ ನ್ಯಾಯಾಲಯ, ಶಿವಮೊಗ್ಗ
ಪಿ.ಮಿಸ್.ಎಸ್. ನಂ : 03/2025
ಅರ್ಜಿದಾರರು : ಕನ್ನಾಯಮ್ಮ ಕೋಂ ಪುಟ್ಟಸ್ವಾಮಿ, ಸುಮಾರು 54 ವರ್ಷ ಮತ್ತು ಇತರರು. ವಿರುದ್ಧ ಎದುರುದಾರರು : ಸಾರ್ವಜನಿಕರು. ಸಾರ್ವಜನಿಕ ಪ್ರಕಟಣೆ: ಈ ಮೇಲ್ಕಂಡ ಅರ್ಜಿದಾರರು ಮೃತರ ಆಸ್ತಿಗಳಿಗೆ ಉತ್ತರಾಧಿಕಾರ ಪ್ರಮಾಣ ಪತ್ರ ನೀಡುವಂತೆ ಕೋರಿರುತ್ತಾರೆ. ಮೃತರು ದಿನಾಂಕ:25-02-2018 ರಂದು ಮರಣ ಹೊಂದಿರುತ್ತಾರೆ. ಆಕ್ಷೇಪಣೆ ಇದ್ದಲ್ಲಿ ದಿನಾಂಕ:22-07-2025 ರಂದು ಬೆಳಿಗ್ಗೆ 11.00 ಗಂಟೆಗೆ ನ್ಯಾಯಾಲಯಕ್ಕೆ ಹಾಜರಾಗತಕ್ಕದ್ದು. ತಪ್ಪಿದಲ್ಲಿ ಮುಂದಿನ ಕ್ರಮ ಜರುಗಿಸಲಾಗುವುದು.
ನ್ಯಾಯಾಲಯದ ಆದೇಶದ ಮೇರೆಗೆ ಸಹಿ/-ಮುಖ್ಯ ಆಡಳಿತಾಧಿಕಾರಿಗಳು, ಜಿಲ್ಲಾ ನ್ಯಾಯಾಲಯ, ಶಿವಮೊಗ್ಗ
Hosadigantha kannada daily Printed & Published by P.S. Prakash on behalf of Jnanabharathi Prakashana Limited. Printed at Digantha Mudrana, New Thirthahalli Road, Shivamogga - 577201
and Published at 'Madhura Nilaya', 4th Cross, Durgigudi, Park Extension, Shivamogga 577202. Ph: (08182) 401752, 8861209076. Editor : P.S. Prakash, Group Editor : Vinayak S. Bhat.
